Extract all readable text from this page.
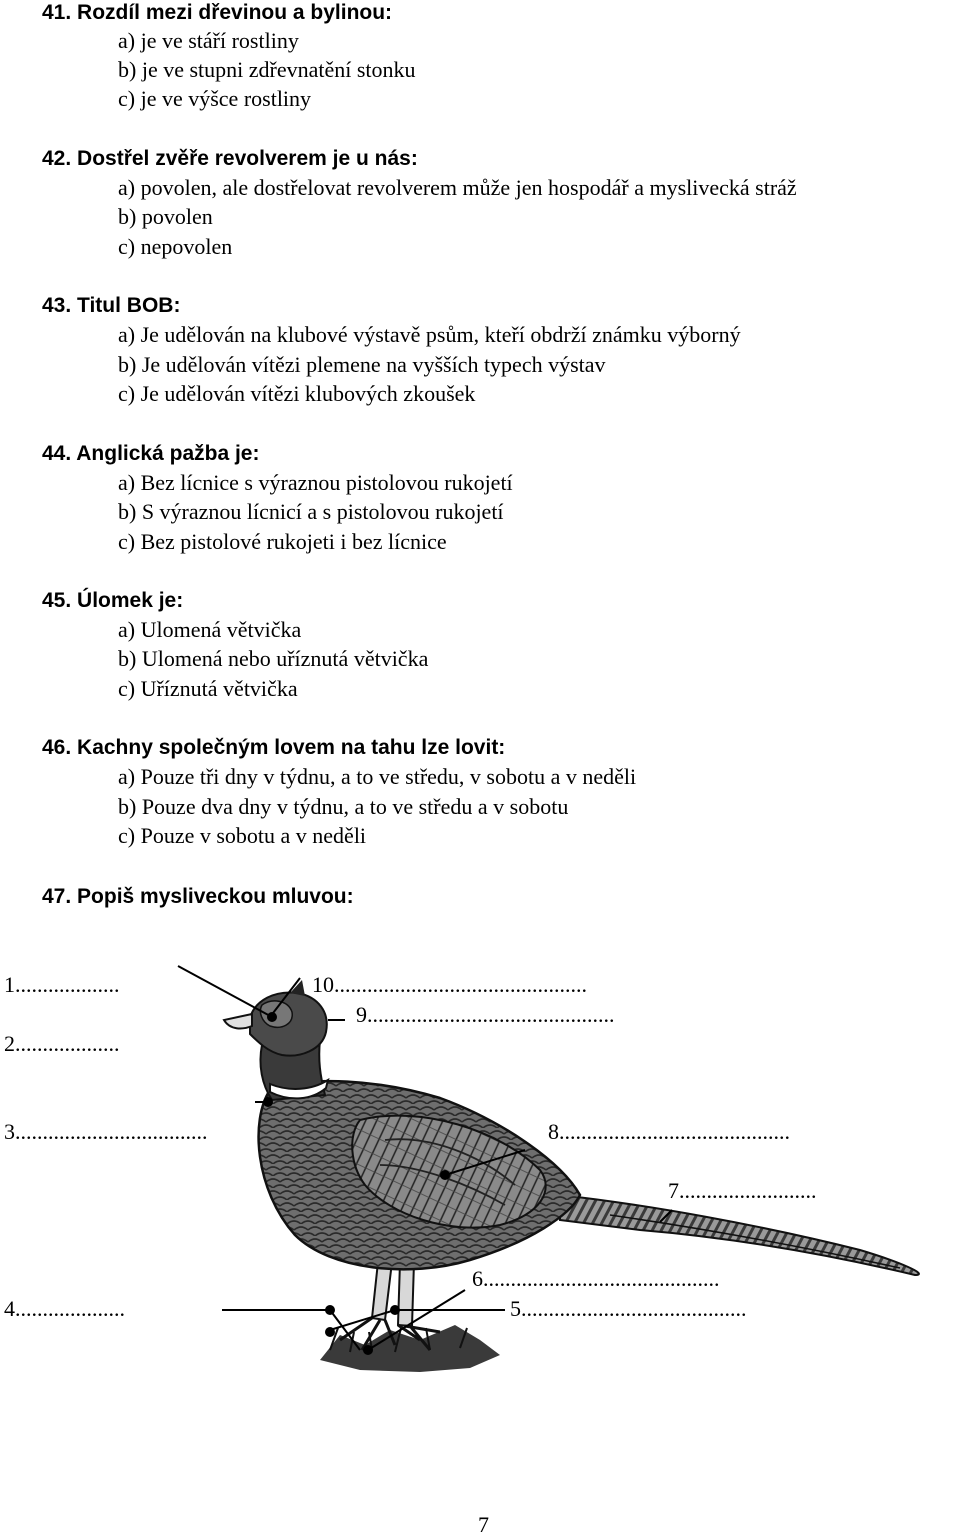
41. Rozdíl mezi dřevinou a bylinou:
a) je ve stáří rostliny
b) je ve stupni zdřevnatění stonku
c) je ve výšce rostliny
42. Dostřel zvěře revolverem je u nás:
a) povolen, ale dostřelovat revolverem může jen hospodář a myslivecká stráž
b) povolen
c) nepovolen
43. Titul BOB:
a) Je udělován na klubové výstavě psům, kteří obdrží známku výborný
b) Je udělován vítězi plemene na vyšších typech výstav
c) Je udělován vítězi klubových zkoušek
44. Anglická pažba je:
a) Bez lícnice s výraznou pistolovou rukojetí
b) S výraznou lícnicí a s pistolovou rukojetí
c) Bez pistolové rukojeti i bez lícnice
45. Úlomek je:
a) Ulomená větvička
b) Ulomená nebo uříznutá větvička
c) Uříznutá větvička
46. Kachny společným lovem na tahu lze lovit:
a) Pouze tři dny v týdnu, a to ve středu, v sobotu a v neděli
b) Pouze dva dny v týdnu, a to ve středu a v sobotu
c) Pouze v sobotu a v neděli
47. Popiš mysliveckou mluvou:
1...................	10..............................................
9.............................................
2...................
3...................................	8..........................................
7.........................
6...........................................
4....................	5.........................................
7
